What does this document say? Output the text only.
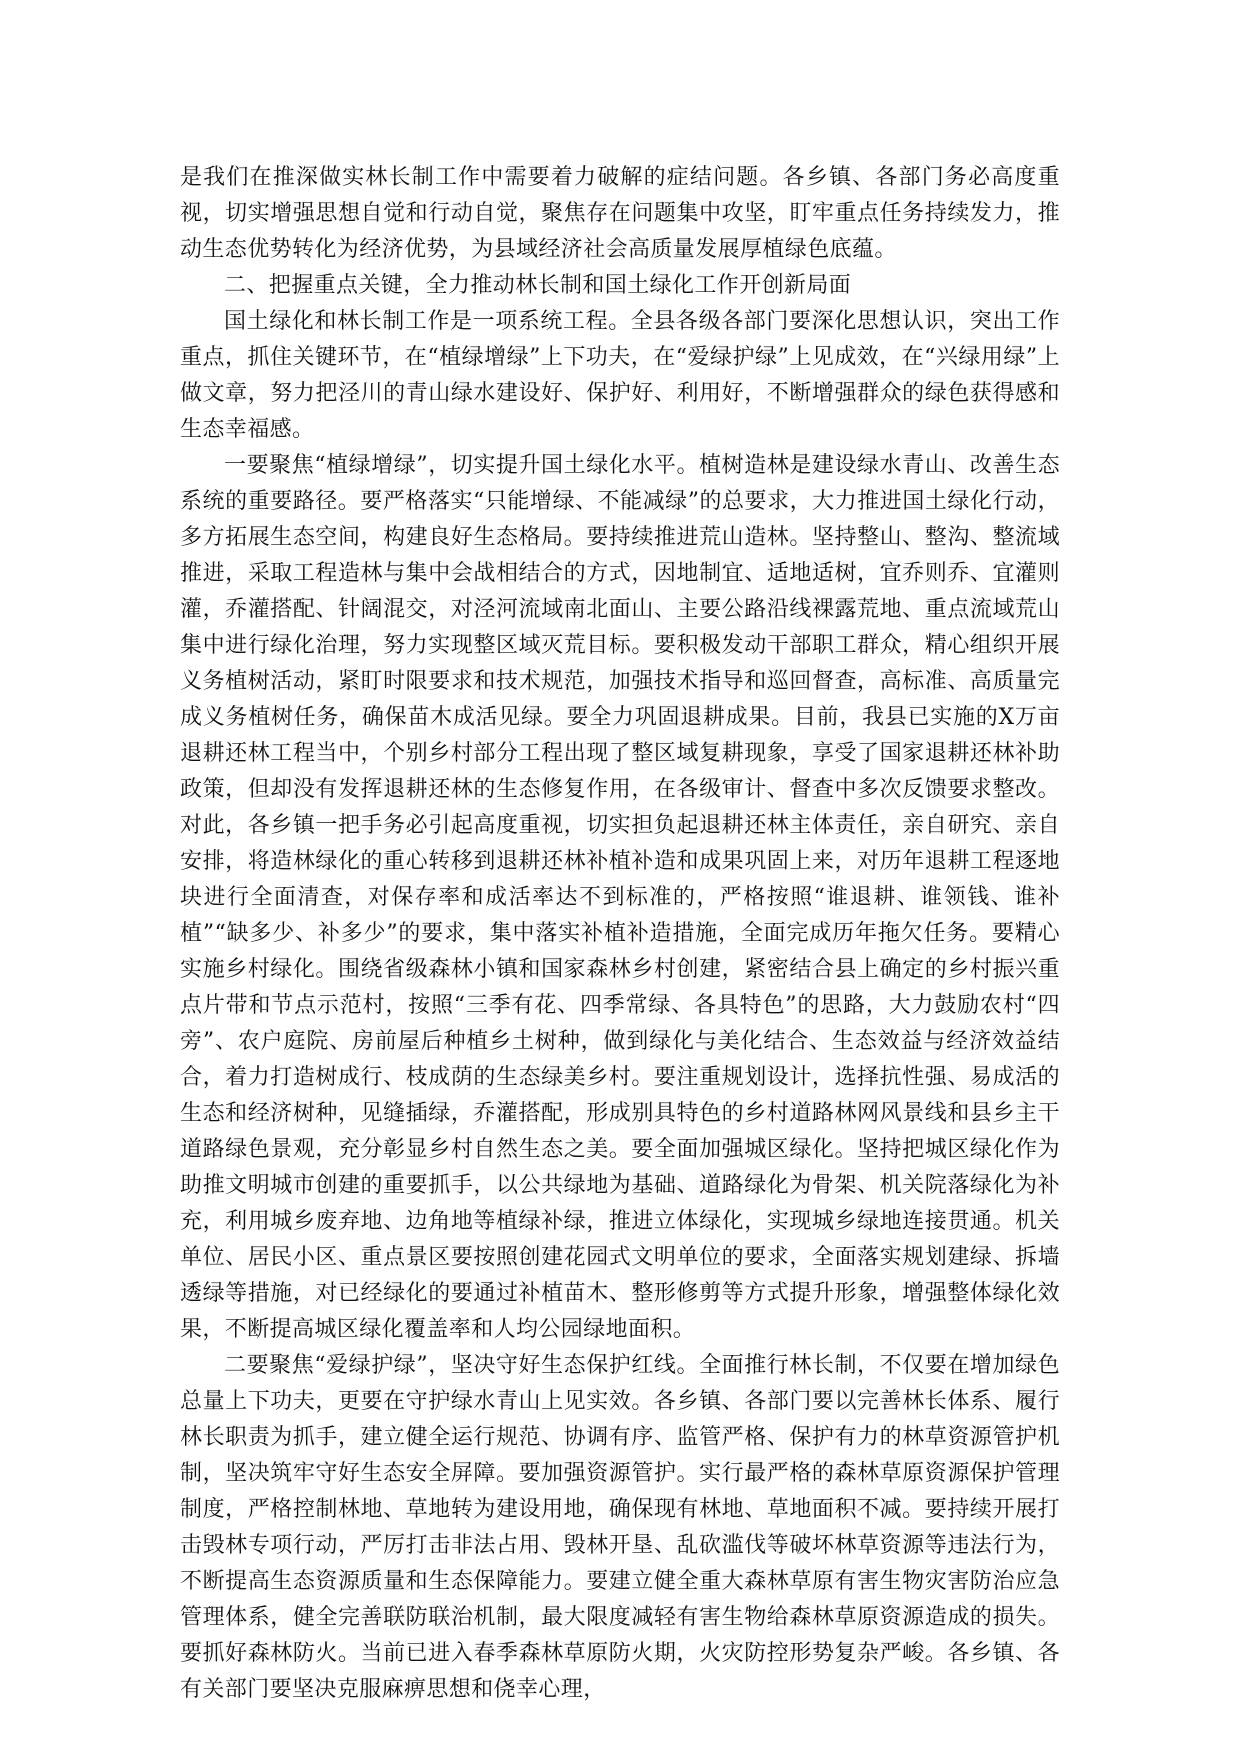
是我们在推深做实林长制工作中需要着力破解的症结问题。各乡镇、各部门务必高度重视，切实增强思想自觉和行动自觉，聚焦存在问题集中攻坚，盯牢重点任务持续发力，推动生态优势转化为经济优势，为县域经济社会高质量发展厚植绿色底蕴。

二、把握重点关键，全力推动林长制和国土绿化工作开创新局面

国土绿化和林长制工作是一项系统工程。全县各级各部门要深化思想认识，突出工作重点，抓住关键环节，在“植绿增绿”上下功夫，在“爱绿护绿”上见成效，在“兴绿用绿”上做文章，努力把泾川的青山绿水建设好、保护好、利用好，不断增强群众的绿色获得感和生态幸福感。

一要聚焦“植绿增绿”，切实提升国土绿化水平。植树造林是建设绿水青山、改善生态系统的重要路径。要严格落实“只能增绿、不能减绿”的总要求，大力推进国土绿化行动，多方拓展生态空间，构建良好生态格局。要持续推进荒山造林。坚持整山、整沟、整流域推进，采取工程造林与集中会战相结合的方式，因地制宜、适地适树，宜乔则乔、宜灌则灌，乔灌搭配、针阔混交，对泾河流域南北面山、主要公路沿线裸露荒地、重点流域荒山集中进行绿化治理，努力实现整区域灭荒目标。要积极发动干部职工群众，精心组织开展义务植树活动，紧盯时限要求和技术规范，加强技术指导和巡回督查，高标准、高质量完成义务植树任务，确保苗木成活见绿。要全力巩固退耕成果。目前，我县已实施的X万亩退耕还林工程当中，个别乡村部分工程出现了整区域复耕现象，享受了国家退耕还林补助政策，但却没有发挥退耕还林的生态修复作用，在各级审计、督查中多次反馈要求整改。对此，各乡镇一把手务必引起高度重视，切实担负起退耕还林主体责任，亲自研究、亲自安排，将造林绿化的重心转移到退耕还林补植补造和成果巩固上来，对历年退耕工程逐地块进行全面清查，对保存率和成活率达不到标准的，严格按照“谁退耕、谁领钱、谁补植”“缺多少、补多少”的要求，集中落实补植补造措施，全面完成历年拖欠任务。要精心实施乡村绿化。围绕省级森林小镇和国家森林乡村创建，紧密结合县上确定的乡村振兴重点片带和节点示范村，按照“三季有花、四季常绿、各具特色”的思路，大力鼓励农村“四旁”、农户庭院、房前屋后种植乡土树种，做到绿化与美化结合、生态效益与经济效益结合，着力打造树成行、枝成荫的生态绿美乡村。要注重规划设计，选择抗性强、易成活的生态和经济树种，见缝插绿，乔灌搭配，形成别具特色的乡村道路林网风景线和县乡主干道路绿色景观，充分彰显乡村自然生态之美。要全面加强城区绿化。坚持把城区绿化作为助推文明城市创建的重要抓手，以公共绿地为基础、道路绿化为骨架、机关院落绿化为补充，利用城乡废弃地、边角地等植绿补绿，推进立体绿化，实现城乡绿地连接贯通。机关单位、居民小区、重点景区要按照创建花园式文明单位的要求，全面落实规划建绿、拆墙透绿等措施，对已经绿化的要通过补植苗木、整形修剪等方式提升形象，增强整体绿化效果，不断提高城区绿化覆盖率和人均公园绿地面积。

二要聚焦“爱绿护绿”，坚决守好生态保护红线。全面推行林长制，不仅要在增加绿色总量上下功夫，更要在守护绿水青山上见实效。各乡镇、各部门要以完善林长体系、履行林长职责为抓手，建立健全运行规范、协调有序、监管严格、保护有力的林草资源管护机制，坚决筑牢守好生态安全屏障。要加强资源管护。实行最严格的森林草原资源保护管理制度，严格控制林地、草地转为建设用地，确保现有林地、草地面积不减。要持续开展打击毁林专项行动，严厉打击非法占用、毁林开垦、乱砍滥伐等破坏林草资源等违法行为，不断提高生态资源质量和生态保障能力。要建立健全重大森林草原有害生物灾害防治应急管理体系，健全完善联防联治机制，最大限度减轻有害生物给森林草原资源造成的损失。要抓好森林防火。当前已进入春季森林草原防火期，火灾防控形势复杂严峻。各乡镇、各有关部门要坚决克服麻痹思想和侥幸心理，
